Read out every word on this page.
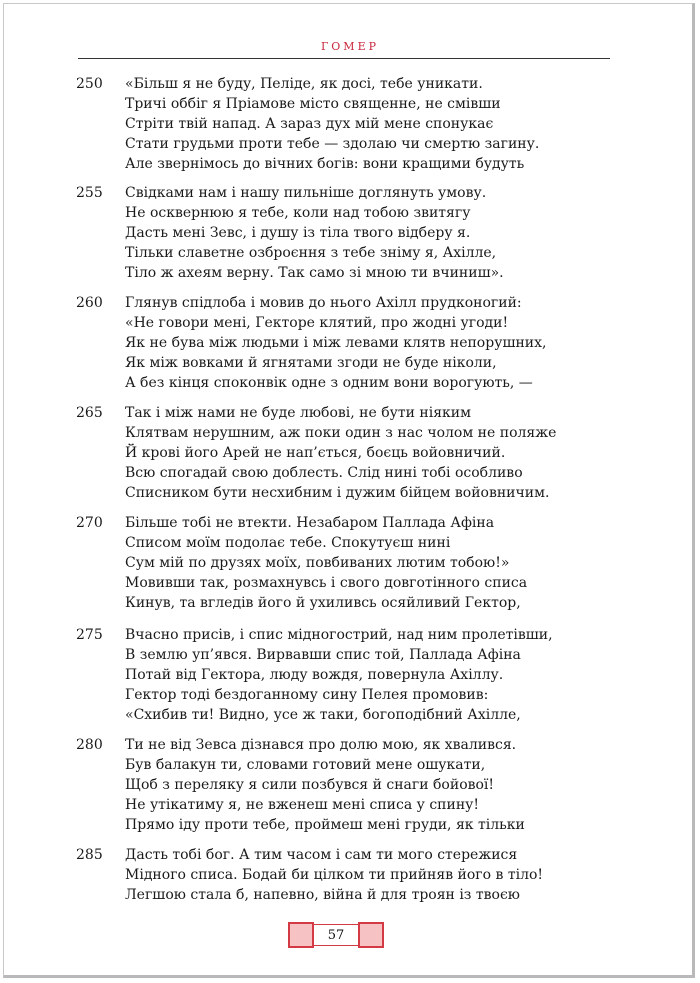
ГОМЕР
250	«Більш я не буду, Пеліде, як досі, тебе уникати.
Тричі оббіг я Пріамове місто священне, не смівши
Стріти твій напад. А зараз дух мій мене спонукає
Стати грудьми проти тебе — здолаю чи смертю загину.
Але звернімось до вічних богів: вони кращими будуть
255	Свідками нам і нашу пильніше доглянуть умову.
Не осквернюю я тебе, коли над тобою звитягу
Дасть мені Зевс, і душу із тіла твого відберу я.
Тільки славетне озброєння з тебе зніму я, Ахілле,
Тіло ж ахеям верну. Так само зі мною ти вчиниш».
260	Глянув спідлоба і мовив до нього Ахілл прудконогий:
«Не говори мені, Гекторе клятий, про жодні угоди!
Як не бува між людьми і між левами клятв непорушних,
Як між вовками й ягнятами згоди не буде ніколи,
А без кінця споконвік одне з одним вони ворогують, —
265	Так і між нами не буде любові, не бути ніяким
Клятвам нерушним, аж поки один з нас чолом не поляже
Й крові його Арей не нап’ється, боєць войовничий.
Всю спогадай свою доблесть. Слід нині тобі особливо
Списником бути несхибним і дужим бійцем войовничим.
270	Більше тобі не втекти. Незабаром Паллада Афіна
Списом моїм подолає тебе. Спокутуєш нині
Сум мій по друзях моїх, повбиваних лютим тобою!»
Мовивши так, розмахнувсь і свого довготінного списа
Кинув, та вгледів його й ухиливсь осяйливий Гектор,
275	Вчасно присів, і спис мідногострий, над ним пролетівши,
В землю уп’явся. Вирвавши спис той, Паллада Афіна
Потай від Гектора, люду вождя, повернула Ахіллу.
Гектор тоді бездоганному сину Пелея промовив:
«Схибив ти! Видно, усе ж таки, богоподібний Ахілле,
280	Ти не від Зевса дізнався про долю мою, як хвалився.
Був балакун ти, словами готовий мене ошукати,
Щоб з переляку я сили позбувся й снаги бойової!
Не утікатиму я, не вженеш мені списа у спину!
Прямо іду проти тебе, проймеш мені груди, як тільки
285	Дасть тобі бог. А тим часом і сам ти мого стережися
Мідного списа. Бодай би цілком ти прийняв його в тіло!
Легшою стала б, напевно, війна й для троян із твоєю
57
